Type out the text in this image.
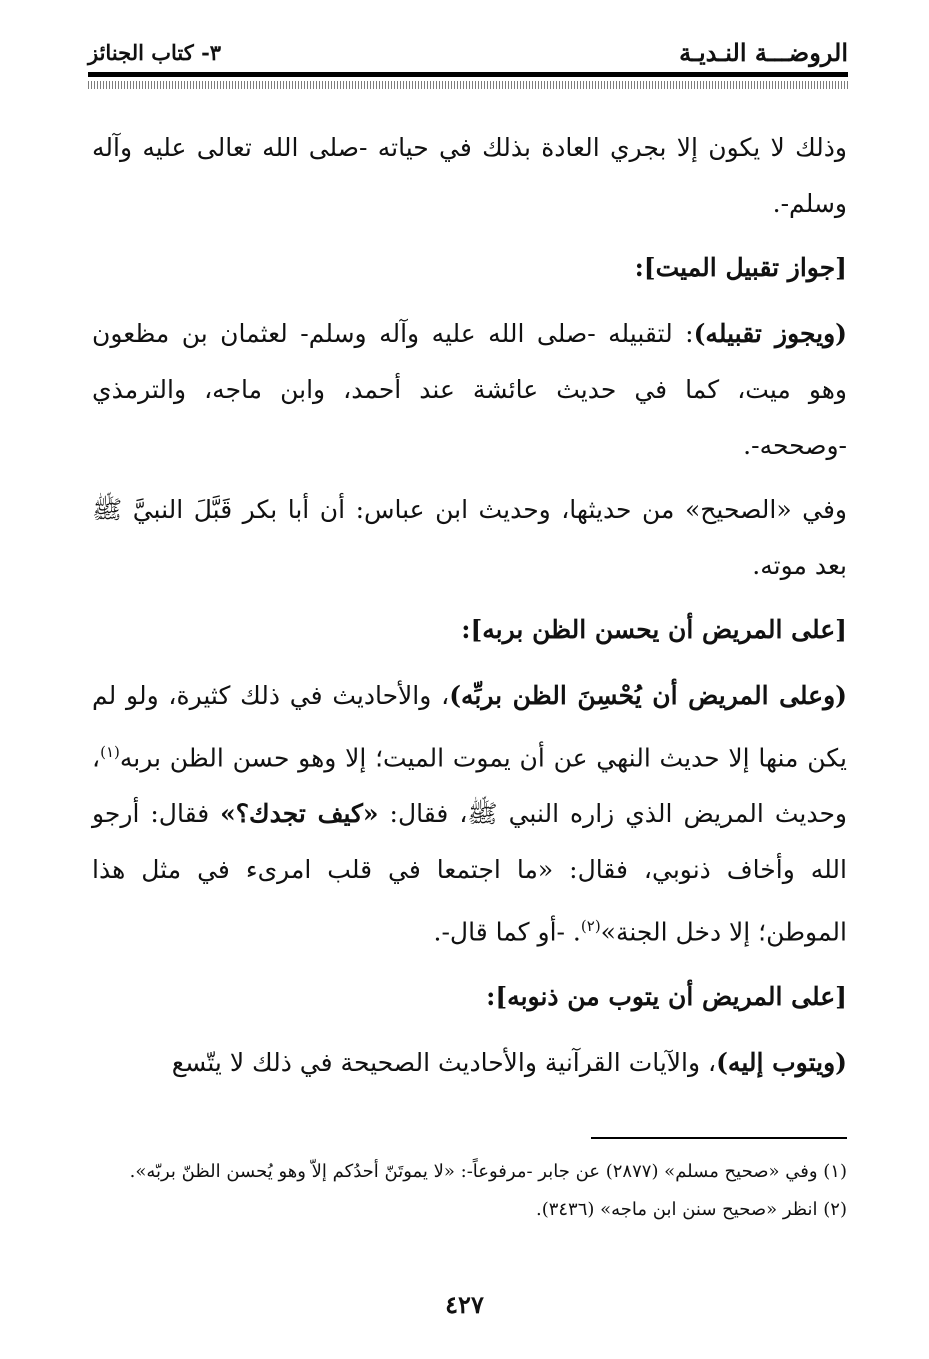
الروضـــة النـديـة
٣- كتاب الجنائز

وذلك لا يكون إلا بجري العادة بذلك في حياته -صلى الله تعالى عليه وآله وسلم-.

[جواز تقبيل الميت]:

(ويجوز تقبيله): لتقبيله -صلى الله عليه وآله وسلم- لعثمان بن مظعون وهو ميت، كما في حديث عائشة عند أحمد، وابن ماجه، والترمذي -وصححه-.

وفي «الصحيح» من حديثها، وحديث ابن عباس: أن أبا بكر قَبَّلَ النبيَّ ﷺ بعد موته.

[على المريض أن يحسن الظن بربه]:

(وعلى المريض أن يُحْسِنَ الظن بربِّه)، والأحاديث في ذلك كثيرة، ولو لم يكن منها إلا حديث النهي عن أن يموت الميت؛ إلا وهو حسن الظن بربه$^{(١)}$، وحديث المريض الذي زاره النبي ﷺ، فقال: «كيف تجدك؟» فقال: أرجو الله وأخاف ذنوبي، فقال: «ما اجتمعا في قلب امرىء في مثل هذا الموطن؛ إلا دخل الجنة»$^{(٢)}$. -أو كما قال-.

[على المريض أن يتوب من ذنوبه]:

(ويتوب إليه)، والآيات القرآنية والأحاديث الصحيحة في ذلك لا يتّسع

(١) وفي «صحيح مسلم» (٢٨٧٧) عن جابر -مرفوعاً-: «لا يموتَنّ أحدُكم إلاّ وهو يُحسن الظنّ بربّه».

(٢) انظر «صحيح سنن ابن ماجه» (٣٤٣٦).

٤٢٧
